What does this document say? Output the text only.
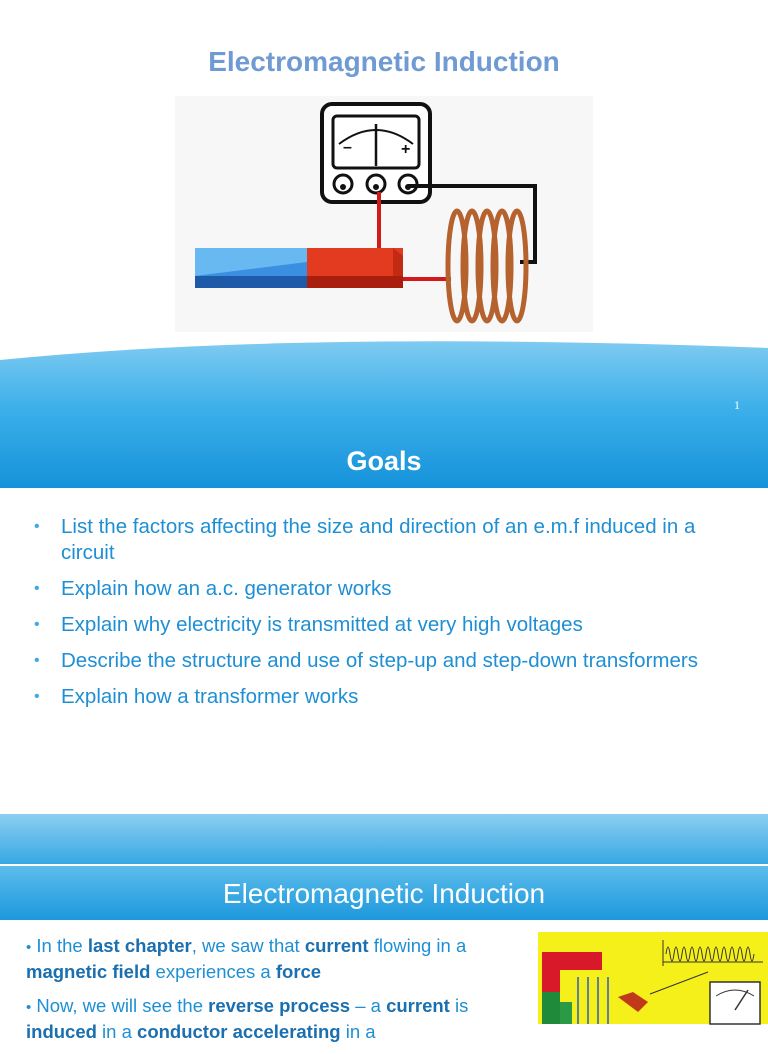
Electromagnetic Induction
–	+
1
Goals
• List the factors affecting the size and direction of an e.m.f induced in a circuit
• Explain how an a.c. generator works
• Explain why electricity is transmitted at very high voltages
• Describe the structure and use of step-up and step-down transformers
• Explain how a transformer works
Electromagnetic Induction

• In the last chapter, we saw that current flowing in a magnetic field experiences a force

• Now, we will see the reverse process – a current is induced in a conductor accelerating in a
